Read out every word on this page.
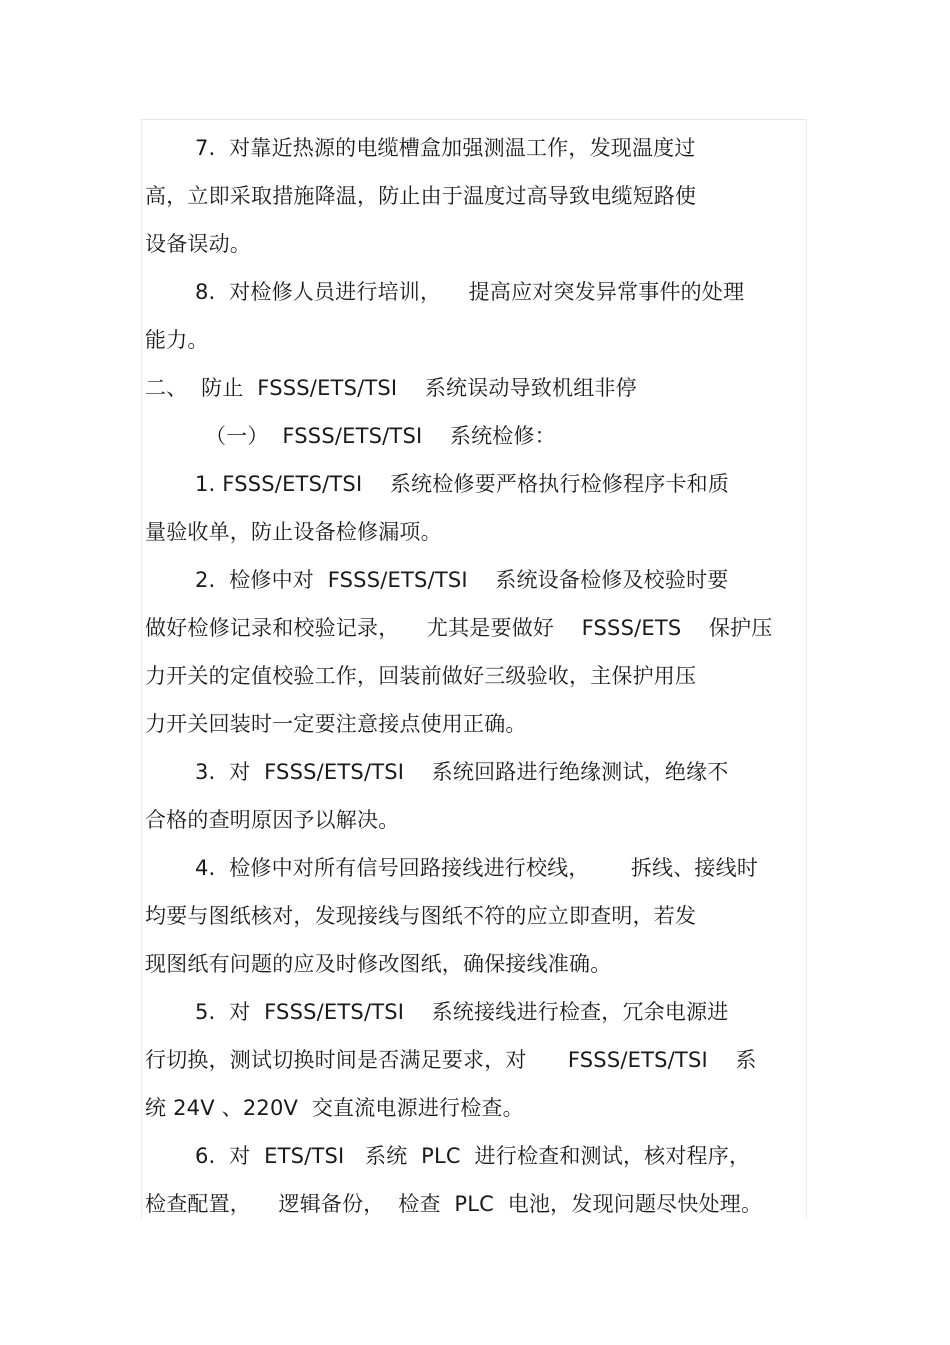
7.  对靠近热源的电缆槽盒加强测温工作，发现温度过
高，立即采取措施降温，防止由于温度过高导致电缆短路使
设备误动。
8.  对检修人员进行培训，    提高应对突发异常事件的处理
能力。
二、  防止  FSSS/ETS/TSI    系统误动导致机组非停
（一）  FSSS/ETS/TSI    系统检修：
1. FSSS/ETS/TSI    系统检修要严格执行检修程序卡和质
量验收单，防止设备检修漏项。
2.  检修中对  FSSS/ETS/TSI    系统设备检修及校验时要
做好检修记录和校验记录，    尤其是要做好    FSSS/ETS    保护压
力开关的定值校验工作，回装前做好三级验收，主保护用压
力开关回装时一定要注意接点使用正确。
3.  对  FSSS/ETS/TSI    系统回路进行绝缘测试，绝缘不
合格的查明原因予以解决。
4.  检修中对所有信号回路接线进行校线，      拆线、接线时
均要与图纸核对，发现接线与图纸不符的应立即查明，若发
现图纸有问题的应及时修改图纸，确保接线准确。
5.  对  FSSS/ETS/TSI    系统接线进行检查，冗余电源进
行切换，测试切换时间是否满足要求，对      FSSS/ETS/TSI    系
统 24V 、220V  交直流电源进行检查。
6.  对  ETS/TSI   系统  PLC  进行检查和测试，核对程序，
检查配置，    逻辑备份，  检查  PLC  电池，发现问题尽快处理。
